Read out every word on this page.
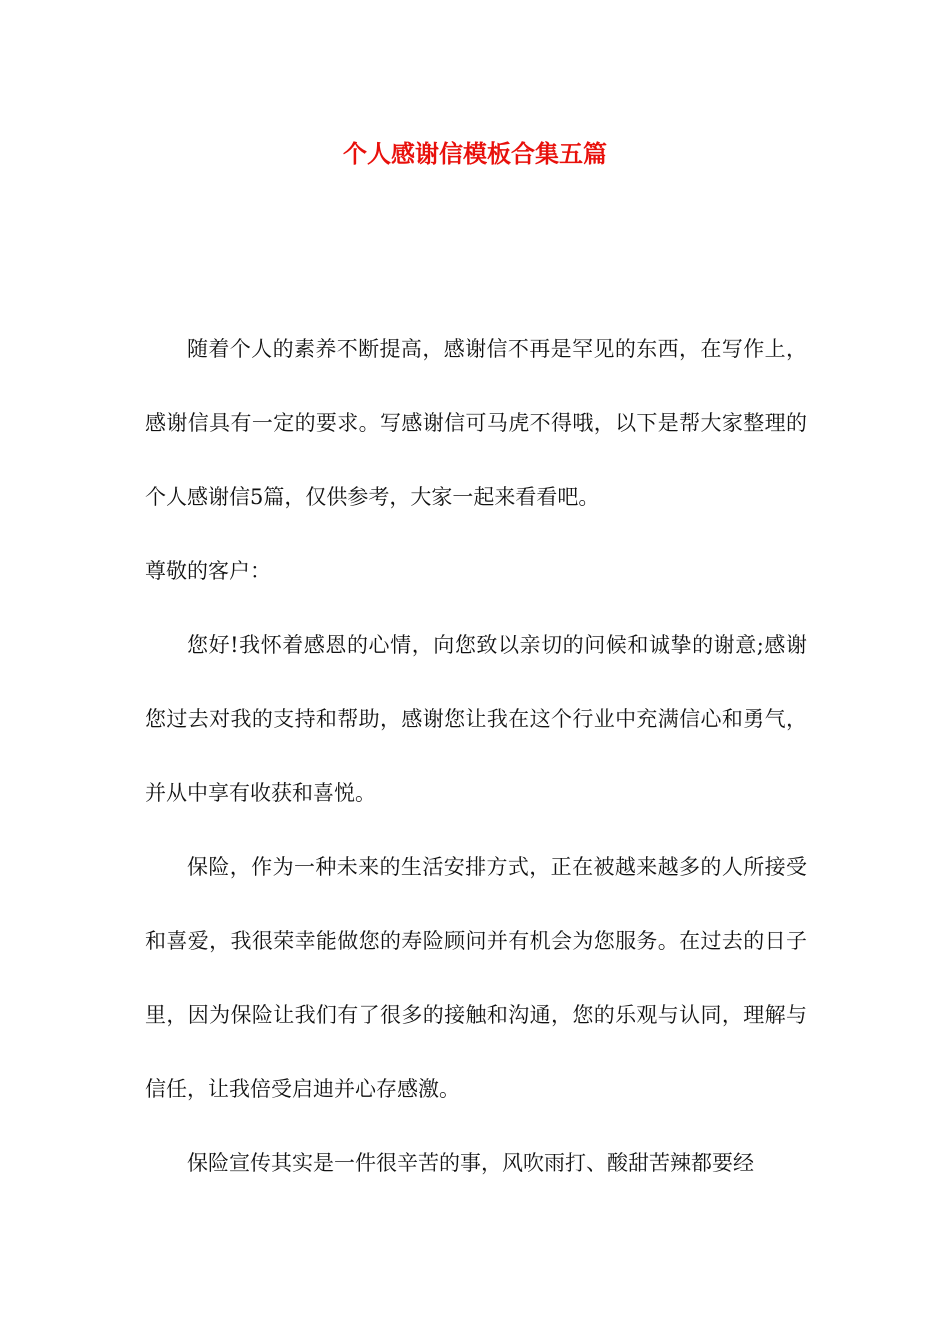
个人感谢信模板合集五篇

随着个人的素养不断提高，感谢信不再是罕见的东西，在写作上，感谢信具有一定的要求。写感谢信可马虎不得哦，以下是帮大家整理的个人感谢信5篇，仅供参考，大家一起来看看吧。

尊敬的客户：

您好!我怀着感恩的心情，向您致以亲切的问候和诚挚的谢意;感谢您过去对我的支持和帮助，感谢您让我在这个行业中充满信心和勇气，并从中享有收获和喜悦。

保险，作为一种未来的生活安排方式，正在被越来越多的人所接受和喜爱，我很荣幸能做您的寿险顾问并有机会为您服务。在过去的日子里，因为保险让我们有了很多的接触和沟通，您的乐观与认同，理解与信任，让我倍受启迪并心存感激。

保险宣传其实是一件很辛苦的事，风吹雨打、酸甜苦辣都要经
